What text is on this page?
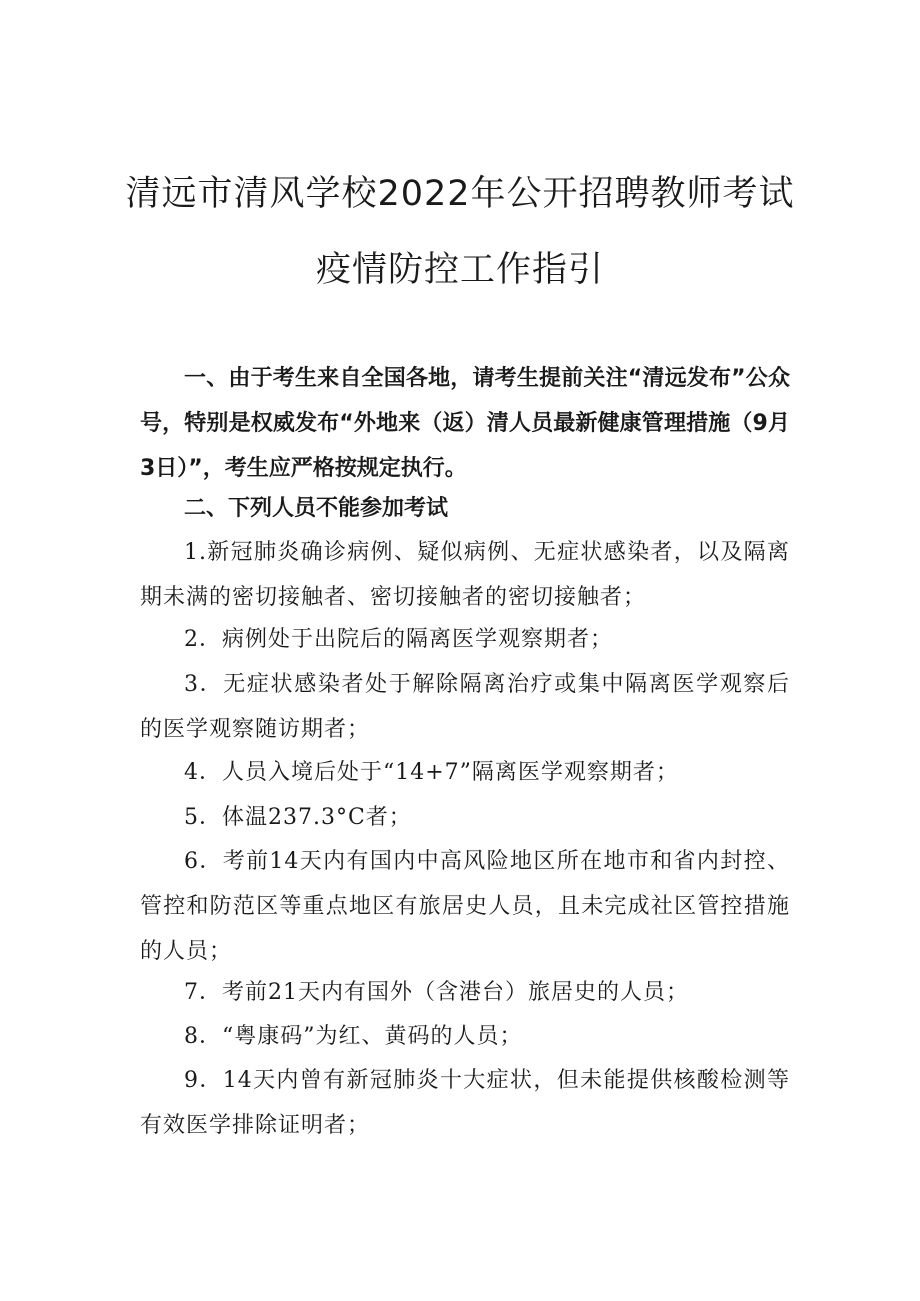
清远市清风学校2022年公开招聘教师考试
疫情防控工作指引

一、由于考生来自全国各地，请考生提前关注“清远发布”公众号，特别是权威发布“外地来（返）清人员最新健康管理措施（9月3日）”，考生应严格按规定执行。

二、下列人员不能参加考试

1.新冠肺炎确诊病例、疑似病例、无症状感染者，以及隔离期未满的密切接触者、密切接触者的密切接触者；

2．病例处于出院后的隔离医学观察期者；

3．无症状感染者处于解除隔离治疗或集中隔离医学观察后的医学观察随访期者；

4．人员入境后处于“14+7”隔离医学观察期者；

5．体温237.3°C者；

6．考前14天内有国内中高风险地区所在地市和省内封控、管控和防范区等重点地区有旅居史人员，且未完成社区管控措施的人员；

7．考前21天内有国外（含港台）旅居史的人员；

8．“粤康码”为红、黄码的人员；

9．14天内曾有新冠肺炎十大症状，但未能提供核酸检测等有效医学排除证明者；
